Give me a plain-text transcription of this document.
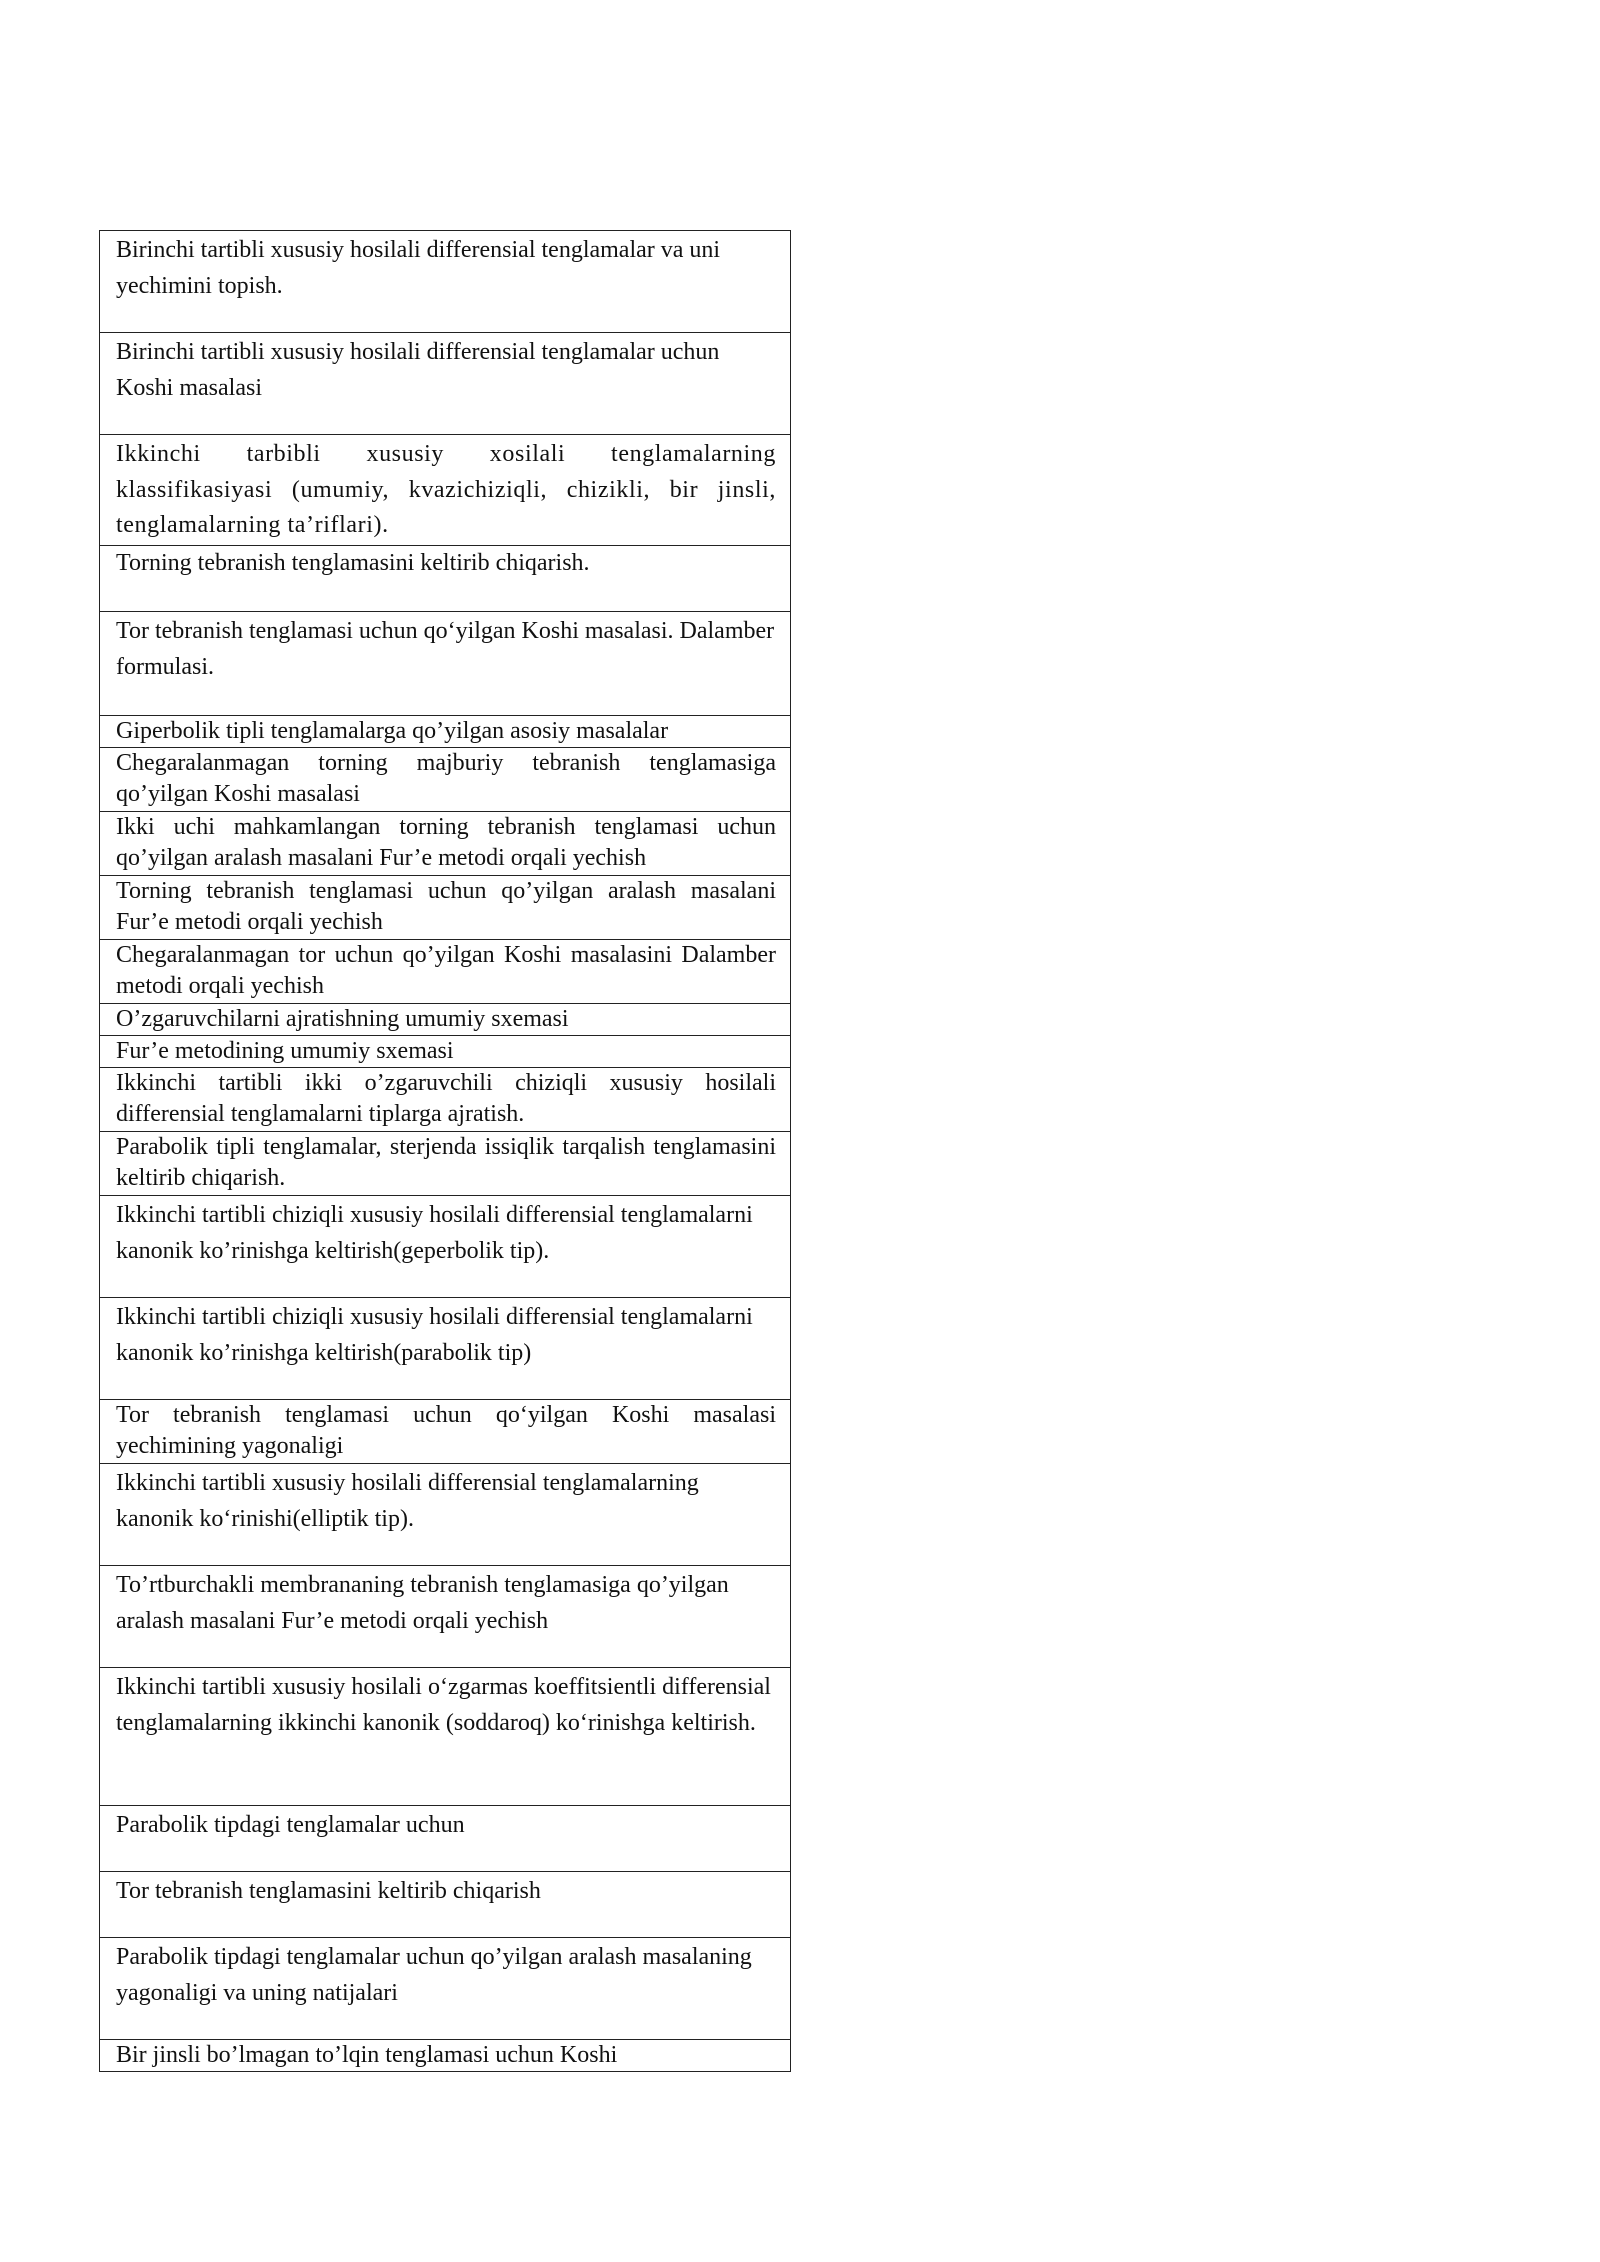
Birinchi tartibli xususiy hosilali differensial tenglamalar va uni yechimini topish.
Birinchi tartibli xususiy hosilali differensial tenglamalar uchun Koshi masalasi
Ikkinchi tarbibli xususiy xosilali tenglamalarning klassifikasiyasi (umumiy, kvazichiziqli, chizikli, bir jinsli, tenglamalarning ta’riflari).
Torning tebranish tenglamasini keltirib chiqarish.
Tor tebranish tenglamasi uchun qo‘yilgan Koshi masalasi. Dalamber formulasi.
Giperbolik tipli tenglamalarga qo’yilgan asosiy masalalar
Chegaralanmagan torning majburiy tebranish tenglamasiga qo’yilgan Koshi masalasi
Ikki uchi mahkamlangan torning tebranish tenglamasi uchun qo’yilgan aralash masalani Fur’e metodi orqali yechish
Torning tebranish tenglamasi uchun qo’yilgan aralash masalani Fur’e metodi orqali yechish
Chegaralanmagan tor uchun qo’yilgan Koshi masalasini Dalamber metodi orqali yechish
O’zgaruvchilarni ajratishning umumiy sxemasi
Fur’e metodining umumiy sxemasi
Ikkinchi tartibli ikki o’zgaruvchili chiziqli xususіy hosilali differensial tenglamalarni tiplarga ajratish.
Parabolik tipli tenglamalar, sterjenda issiqlik tarqalish tenglamasini keltirib chiqarish.
Ikkinchi tartibli chiziqli xususiy hosilali differensial tenglamalarni kanonik ko’rinishga keltirish(geperbolik tip).
Ikkinchi tartibli chiziqli xususiy hosilali differensial tenglamalarni kanonik ko’rinishga keltirish(parabolik tip)
Tor tebranish tenglamasi uchun qo‘yilgan Koshi masalasi yechimining yagonaligi
Ikkinchi tartibli xususiy hosilali differensial tenglamalarning kanonik ko‘rinishi(elliptik tip).
To’rtburchakli membrananing tebranish tenglamasiga qo’yilgan aralash masalani Fur’e metodi orqali yechish
Ikkinchi tartibli xususiy hosilali o‘zgarmas koeffitsientli differensial tenglamalarning ikkinchi kanonik (soddaroq) ko‘rinishga keltirish.
Parabolik tipdagi tenglamalar uchun
Tor tebranish tenglamasini keltirib chiqarish
Parabolik tipdagi tenglamalar uchun qo’yilgan aralash masalaning yagonaligi va uning natijalari
Bir jinsli bo’lmagan to’lqin tenglamasi uchun Koshi
